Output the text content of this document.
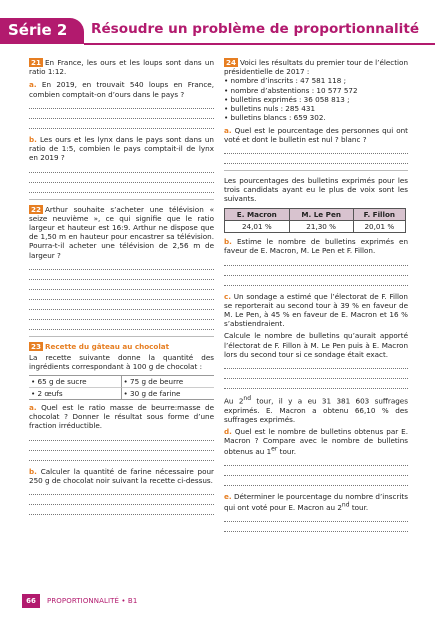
Série 2 Résoudre un problème de proportionnalité

21 En France, les ours et les loups sont dans un ratio 1:12.

a. En 2019, en trouvait 540 loups en France, combien comptait-on d’ours dans le pays ?

b. Les ours et les lynx dans le pays sont dans un ratio de 1:5, combien le pays comptait-il de lynx en 2019 ?

22 Arthur souhaite s’acheter une télévision « seize neuvième », ce qui signifie que le ratio largeur et hauteur est 16:9. Arthur ne dispose que de 1,50 m en hauteur pour encastrer sa télévision. Pourra-t-il acheter une télévision de 2,56 m de largeur ?

23 Recette du gâteau au chocolat

La recette suivante donne la quantité des ingrédients correspondant à 100 g de chocolat :

• 65 g de sucre	• 75 g de beurre
• 2 œufs	• 30 g de farine

a. Quel est le ratio masse de beurre:masse de chocolat ? Donner le résultat sous forme d’une fraction irréductible.

b. Calculer la quantité de farine nécessaire pour 250 g de chocolat noir suivant la recette ci-dessus.

24 Voici les résultats du premier tour de l’élection présidentielle de 2017 :

• nombre d’inscrits : 47 581 118 ;
• nombre d’abstentions : 10 577 572
• bulletins exprimés : 36 058 813 ;
• bulletins nuls : 285 431
• bulletins blancs : 659 302.

a. Quel est le pourcentage des personnes qui ont voté et dont le bulletin est nul ? blanc ?

Les pourcentages des bulletins exprimés pour les trois candidats ayant eu le plus de voix sont les suivants.

E. Macron	M. Le Pen	F. Fillon
24,01 %	21,30 %	20,01 %

b. Estime le nombre de bulletins exprimés en faveur de E. Macron, M. Le Pen et F. Fillon.

c. Un sondage a estimé que l’électorat de F. Fillon se reporterait au second tour à 39 % en faveur de M. Le Pen, à 45 % en faveur de E. Macron et 16 % s’abstiendraient.

Calcule le nombre de bulletins qu’aurait apporté l’électorat de F. Fillon à M. Le Pen puis à E. Macron lors du second tour si ce sondage était exact.

Au 2nd tour, il y a eu 31 381 603 suffrages exprimés. E. Macron a obtenu 66,10 % des suffrages exprimés.

d. Quel est le nombre de bulletins obtenus par E. Macron ? Compare avec le nombre de bulletins obtenus au 1er tour.

e. Déterminer le pourcentage du nombre d’inscrits qui ont voté pour E. Macron au 2nd tour.

66	PROPORTIONNALITÉ • B1
